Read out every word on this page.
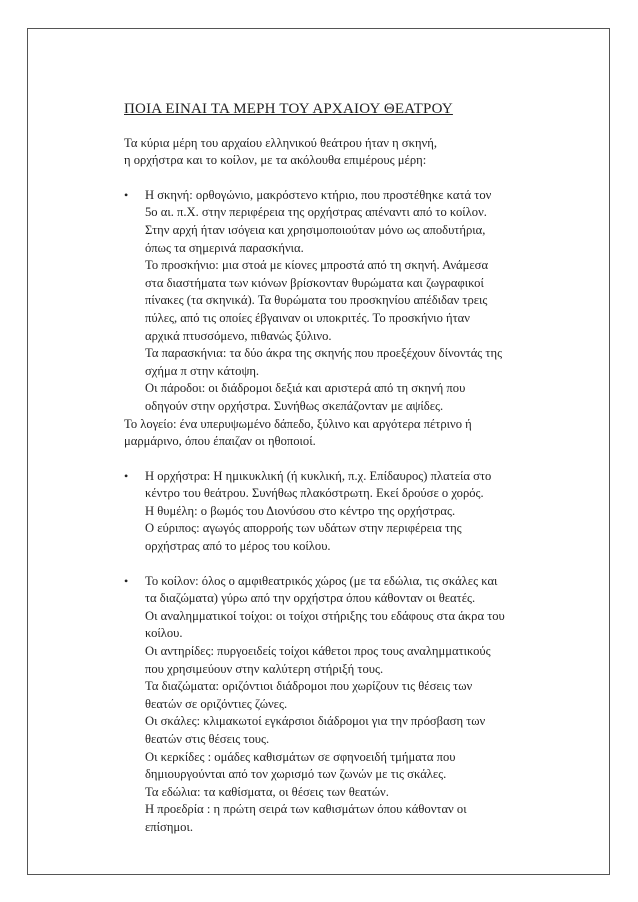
ΠΟΙΑ ΕΙΝΑΙ ΤΑ ΜΕΡΗ ΤΟΥ ΑΡΧΑΙΟΥ ΘΕΑΤΡΟΥ
Τα κύρια μέρη του αρχαίου ελληνικού θεάτρου ήταν η σκηνή,
η ορχήστρα και το κοίλον, με τα ακόλουθα επιμέρους μέρη:
• Η σκηνή: ορθογώνιο, μακρόστενο κτήριο, που προστέθηκε κατά τον
5ο αι. π.Χ. στην περιφέρεια της ορχήστρας απέναντι από το κοίλον.
Στην αρχή ήταν ισόγεια και χρησιμοποιούταν μόνο ως αποδυτήρια,
όπως τα σημερινά παρασκήνια.
Το προσκήνιο: μια στοά με κίονες μπροστά από τη σκηνή. Ανάμεσα
στα διαστήματα των κιόνων βρίσκονταν θυρώματα και ζωγραφικοί
πίνακες (τα σκηνικά). Τα θυρώματα του προσκηνίου απέδιδαν τρεις
πύλες, από τις οποίες έβγαιναν οι υποκριτές. Το προσκήνιο ήταν
αρχικά πτυσσόμενο, πιθανώς ξύλινο.
Τα παρασκήνια: τα δύο άκρα της σκηνής που προεξέχουν δίνοντάς της
σχήμα π στην κάτοψη.
Οι πάροδοι: οι διάδρομοι δεξιά και αριστερά από τη σκηνή που
οδηγούν στην ορχήστρα. Συνήθως σκεπάζονταν με αψίδες.
Το λογείο: ένα υπερυψωμένο δάπεδο, ξύλινο και αργότερα πέτρινο ή
μαρμάρινο, όπου έπαιζαν οι ηθοποιοί.
• Η ορχήστρα: Η ημικυκλική (ή κυκλική, π.χ. Επίδαυρος) πλατεία στο
κέντρο του θεάτρου. Συνήθως πλακόστρωτη. Εκεί δρούσε ο χορός.
Η θυμέλη: ο βωμός του Διονύσου στο κέντρο της ορχήστρας.
Ο εύριπος: αγωγός απορροής των υδάτων στην περιφέρεια της
ορχήστρας από το μέρος του κοίλου.
• Το κοίλον: όλος ο αμφιθεατρικός χώρος (με τα εδώλια, τις σκάλες και
τα διαζώματα) γύρω από την ορχήστρα όπου κάθονταν οι θεατές.
Οι αναλημματικοί τοίχοι: οι τοίχοι στήριξης του εδάφους στα άκρα του
κοίλου.
Οι αντηρίδες: πυργοειδείς τοίχοι κάθετοι προς τους αναλημματικούς
που χρησιμεύουν στην καλύτερη στήριξή τους.
Τα διαζώματα: οριζόντιοι διάδρομοι που χωρίζουν τις θέσεις των
θεατών σε οριζόντιες ζώνες.
Οι σκάλες: κλιμακωτοί εγκάρσιοι διάδρομοι για την πρόσβαση των
θεατών στις θέσεις τους.
Οι κερκίδες : ομάδες καθισμάτων σε σφηνοειδή τμήματα που
δημιουργούνται από τον χωρισμό των ζωνών με τις σκάλες.
Τα εδώλια: τα καθίσματα, οι θέσεις των θεατών.
Η προεδρία : η πρώτη σειρά των καθισμάτων όπου κάθονταν οι
επίσημοι.
